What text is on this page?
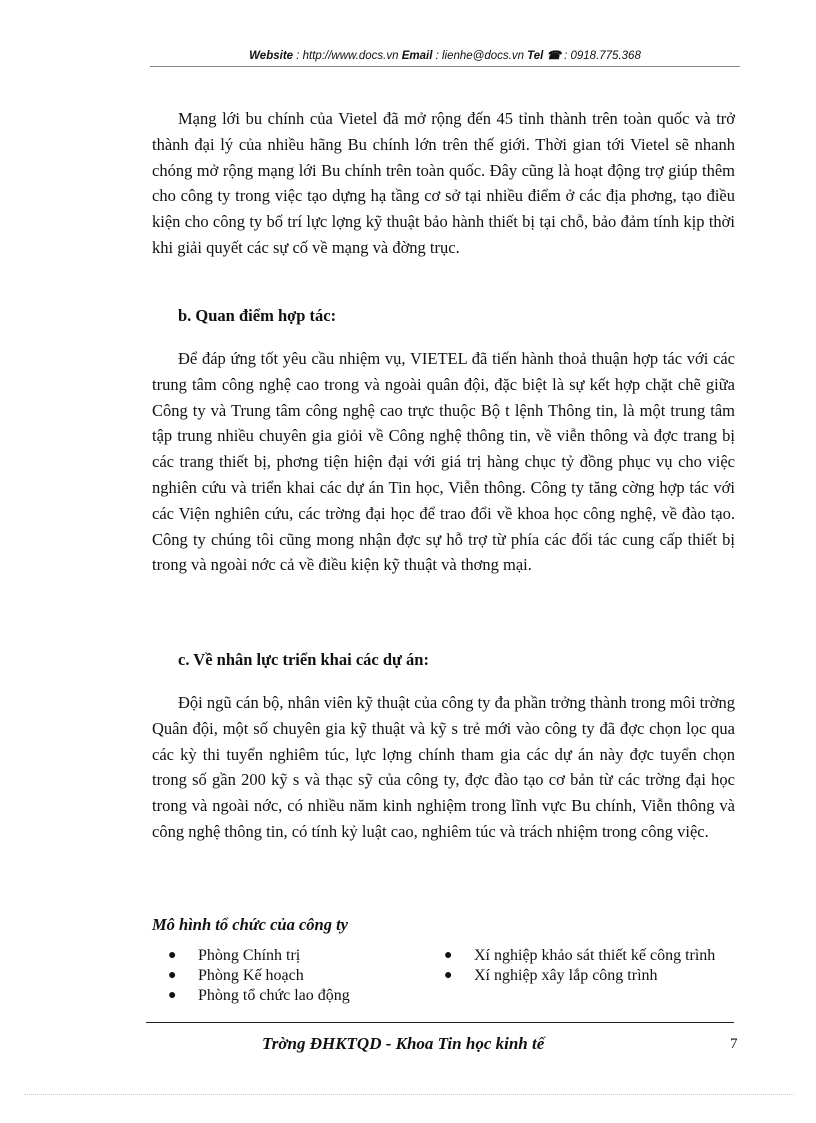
Website : http://www.docs.vn Email : lienhe@docs.vn Tel ☎ : 0918.775.368

Mạng lới bu chính của Vietel đã mở rộng đến 45 tỉnh thành trên toàn quốc và trở thành đại lý của nhiều hãng Bu chính lớn trên thế giới. Thời gian tới Vietel sẽ nhanh chóng mở rộng mạng lới Bu chính trên toàn quốc. Đây cũng là hoạt động trợ giúp thêm cho công ty trong việc tạo dựng hạ tầng cơ sở tại nhiều điểm ở các địa phơng, tạo điều kiện cho công ty bố trí lực lợng kỹ thuật bảo hành thiết bị tại chỗ, bảo đảm tính kịp thời khi giải quyết các sự cố về mạng và đờng trục.

b. Quan điểm hợp tác:

Để đáp ứng tốt yêu cầu nhiệm vụ, VIETEL đã tiến hành thoả thuận hợp tác với các trung tâm công nghệ cao trong và ngoài quân đội, đặc biệt là sự kết hợp chặt chẽ giữa Công ty và Trung tâm công nghệ cao trực thuộc Bộ t lệnh Thông tin, là một trung tâm tập trung nhiều chuyên gia giỏi về Công nghệ thông tin, về viễn thông và đợc trang bị các trang thiết bị, phơng tiện hiện đại với giá trị hàng chục tỷ đồng phục vụ cho việc nghiên cứu và triển khai các dự án Tin học, Viễn thông. Công ty tăng cờng hợp tác với các Viện nghiên cứu, các trờng đại học để trao đổi về khoa học công nghệ, về đào tạo. Công ty chúng tôi cũng mong nhận đợc sự hỗ trợ từ phía các đối tác cung cấp thiết bị trong và ngoài nớc cả về điều kiện kỹ thuật và thơng mại.

c. Về nhân lực triển khai các dự án:

Đội ngũ cán bộ, nhân viên kỹ thuật của công ty đa phần trởng thành trong môi trờng Quân đội, một số chuyên gia kỹ thuật và kỹ s trẻ mới vào công ty đã đợc chọn lọc qua các kỳ thi tuyển nghiêm túc, lực lợng chính tham gia các dự án này đợc tuyển chọn trong số gần 200 kỹ s và thạc sỹ của công ty, đợc đào tạo cơ bản từ các trờng đại học trong và ngoài nớc, có nhiều năm kinh nghiệm trong lĩnh vực Bu chính, Viễn thông và công nghệ thông tin, có tính kỷ luật cao, nghiêm túc và trách nhiệm trong công việc.

Mô hình tổ chức của công ty
● Phòng Chính trị
● Phòng Kế hoạch
● Phòng tổ chức lao động
● Xí nghiệp khảo sát thiết kế công trình
● Xí nghiệp xây lắp công trình
Trờng ĐHKTQD - Khoa Tin học kinh tế	7
